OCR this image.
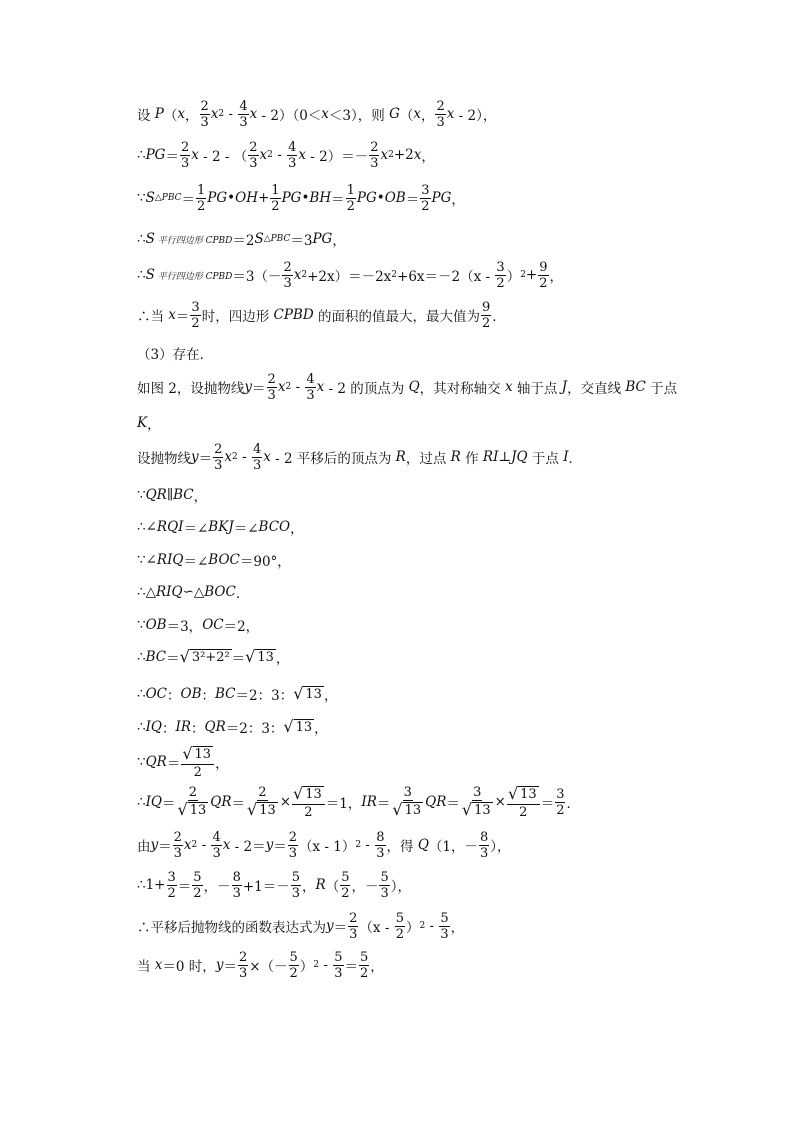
设 P （ x ， $\frac{2}{3}$ x $2 - \frac{4}{3}$ x - 2）（0＜ x ＜3），则 G （ x ， $\frac{2}{3}$ x - 2），
∴ PG ＝ $\frac{2}{3}$ x - 2 - （ $\frac{2}{3}$ x $2 - \frac{4}{3}$ $x - 2)=- \frac{2}{3}$ x 2 +2 x ，
∵ S △PBC ＝ $\frac{1}{2}$ PG • OH + $\frac{1}{2}$ PG • BH ＝ $\frac{1}{2}$ PG • OB ＝ $\frac{3}{2}$ PG ，
∴ S 平行四边形 CPBD ＝2 S △PBC ＝3 PG ，
∴ S 平行四边形 CPBD $=3(- \frac{2}{3}$ x 2 +2x）＝－2x $2 +6x=-2(x - \frac{3}{2}$ ） $2 + \frac{9}{2}$ ，
∴当 $x = \frac{3}{2}$ 时，四边形 CPBD 的面积的值最大，最大值为 $\frac{9}{2}$ ．
（3）存在．
如图 2，设抛物线 $y = \frac{2}{3}$ x $2 - \frac{4}{3}$ x - 2 的顶点为 Q ，其对称轴交 x 轴于点 J ，交直线 BC 于点
K ，
设抛物线 $y = \frac{2}{3}$ x $2 - \frac{4}{3}$ x - 2 平移后的顶点为 R ，过点 R 作 RI ⊥ JQ 于点 I ．
∵ QR ∥ BC ，
∴∠ RQI ＝∠ BKJ ＝∠ BCO ，
∵∠ RIQ ＝∠ BOC ＝90°，
∴△ RIQ ∽△ BOC ．
∵ OB ＝3， OC ＝2，
∴ BC ＝ √ 3²+2² ＝ √ 13 ，
∴ OC ： OB ： BC ＝2：3： √ 13 ，
∴ IQ ： IR ： QR ＝2：3： √ 13 ，
∵ QR ＝ $\frac{√ 13}{2}$ ，
∴ IQ ＝ $\frac{2}{√ 13}$ QR ＝ $\frac{2}{√ 13} \times \frac{√ 13}{2} =1$， IR ＝ $\frac{3}{√ 13}$ QR ＝ $\frac{3}{√ 13} \times \frac{√ 13}{2} = \frac{3}{2}$ ．
由 $y = \frac{2}{3}$ x $2 - \frac{4}{3}$ $x - 2= y = \frac{2}{3} (x - 1)$ $2 - \frac{8}{3}$ ，得 Q （1，－ $\frac{8}{3}$ ），
∴1+ $\frac{3}{2} = \frac{5}{2}$ ，－ $\frac{8}{3} +1=- \frac{5}{3}$ ， R （ $\frac{5}{2}$ ，－ $\frac{5}{3}$ ），
∴平移后抛物线的函数表达式为 $y = \frac{2}{3} (x - \frac{5}{2}$ ） $2 - \frac{5}{3}$ ，
当 x ＝0 时， $y = \frac{2}{3}$ ×（－ $\frac{5}{2}$ ） $2 - \frac{5}{3} = \frac{5}{2}$ ，
